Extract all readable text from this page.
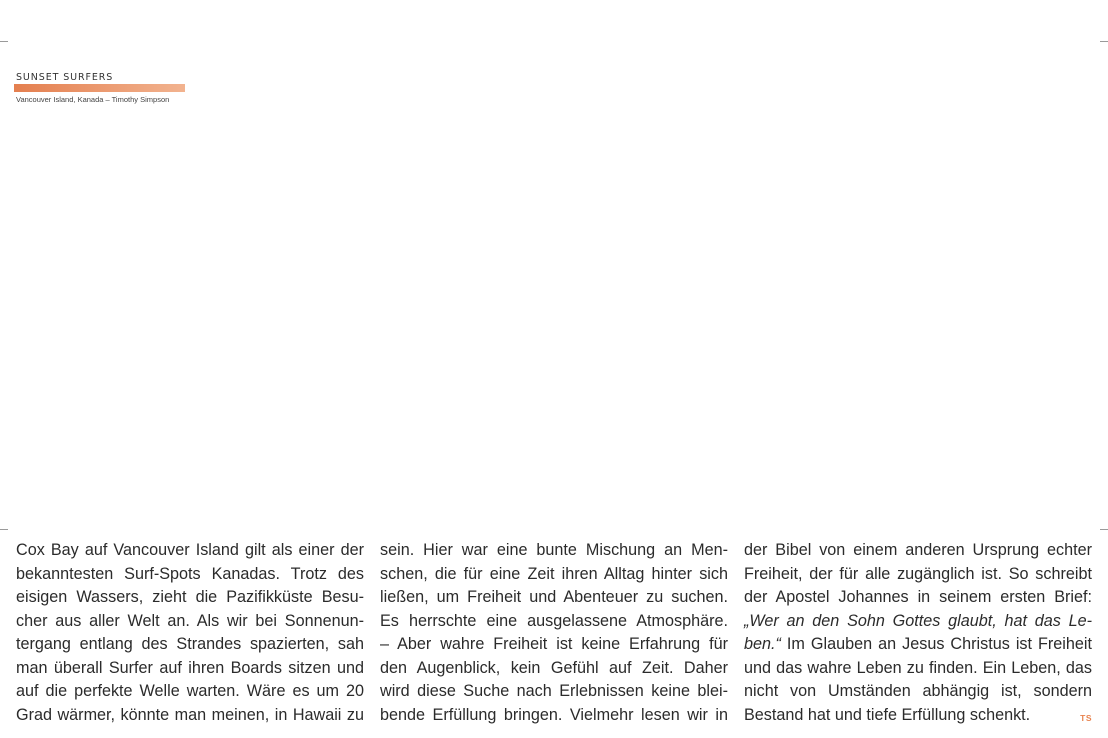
SUNSET SURFERS
Vancouver Island, Kanada – Timothy Simpson
Cox Bay auf Vancouver Island gilt als einer der
bekanntesten Surf-Spots Kanadas. Trotz des
eisigen Wassers, zieht die Pazifikküste Besu-
cher aus aller Welt an. Als wir bei Sonnenun-
tergang entlang des Strandes spazierten, sah
man überall Surfer auf ihren Boards sitzen und
auf die perfekte Welle warten. Wäre es um 20
Grad wärmer, könnte man meinen, in Hawaii zu
sein. Hier war eine bunte Mischung an Men-
schen, die für eine Zeit ihren Alltag hinter sich
ließen, um Freiheit und Abenteuer zu suchen.
Es herrschte eine ausgelassene Atmosphäre.
– Aber wahre Freiheit ist keine Erfahrung für
den Augenblick, kein Gefühl auf Zeit. Daher
wird diese Suche nach Erlebnissen keine blei-
bende Erfüllung bringen. Vielmehr lesen wir in
der Bibel von einem anderen Ursprung echter
Freiheit, der für alle zugänglich ist. So schreibt
der Apostel Johannes in seinem ersten Brief:
„Wer an den Sohn Gottes glaubt, hat das Le-
ben.“ Im Glauben an Jesus Christus ist Freiheit
und das wahre Leben zu finden. Ein Leben, das
nicht von Umständen abhängig ist, sondern
Bestand hat und tiefe Erfüllung schenkt.	TS
